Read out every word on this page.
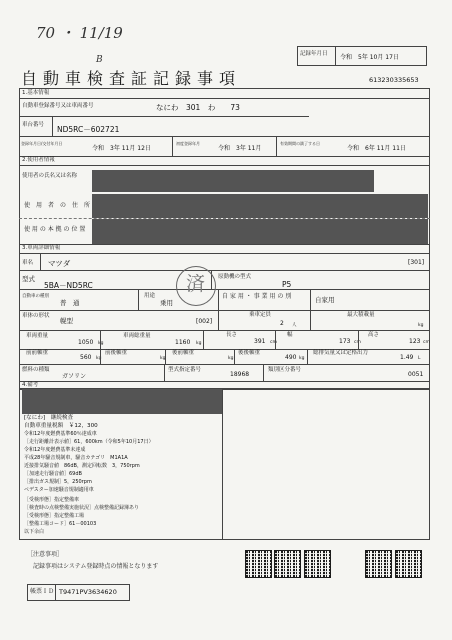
70 ・ 11/19
B
記録年月日 令和　5年 10月 17日
自動車検査証記録事項	613230335653
1.基本情報
自動車登録番号又は車両番号	なにわ　301　わ　　73
車台番号 ND5RC－602721
登録年月日/交付年月日
令和　3年 11月 12日
初度登録年月
令和　3年 11月
有効期間の満了する日
令和　6年 11月 11日
2.使用者情報
使用者の氏名又は名称
使　用　者　の　住　所
使 用 の 本 拠 の 位 置
3.車両詳細情報
車名 マツダ	[301]
型式
5BA－ND5RC
原動機の型式
P5
自動車の種別
普　通
用途
乗用
自 家 用 ・ 事 業 用 の 別	自家用
済
車体の形状
幌型	[002]
乗車定員
2 人
最大積載量
kg
車両重量
1050 kg
車両総重量
1160 kg
長さ
391 cm
幅
173 cm
高さ
123 cm
前前軸重
560 kg
前後軸重
kg
後前軸重
kg
後後軸重
490 kg
総排気量又は定格出力
1.49 L
燃料の種類
ガソリン
型式指定番号
18968
類別区分番号
0051
4.備考
[なにわ]　継続検査
自動車重量税額　￥12，300
令和12年度燃費基準60％達成車
［走行距離計表示値］61，600km（令和5年10月17日）
令和12年度燃費基準未達成
平成28年騒音規制車，騒音カテゴリ　M1A1A
近接排気騒音値　86dB，測定回転数　3，750rpm
［加速走行騒音値］69dB
［排出ガス規制］5，250rpm
ペデスター加速騒音規制適用車
［受検形態］指定整備車
［検査時の点検整備実施状況］点検整備記録簿あり
［受検形態］指定整備工場
［整備工場コード］61－00103
以下余白
［注意事項］
記録事項はシステム登録時点の情報となります
帳票ＩＤ T9471PV3634620
